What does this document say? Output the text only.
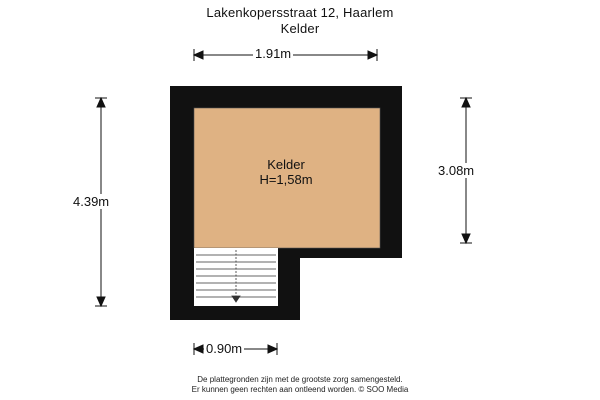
Lakenkopersstraat 12, Haarlem
Kelder
1.91m
4.39m
3.08m
0.90m
Kelder
H=1,58m
De plattegronden zijn met de grootste zorg samengesteld.
Er kunnen geen rechten aan ontleend worden. © SOO Media
